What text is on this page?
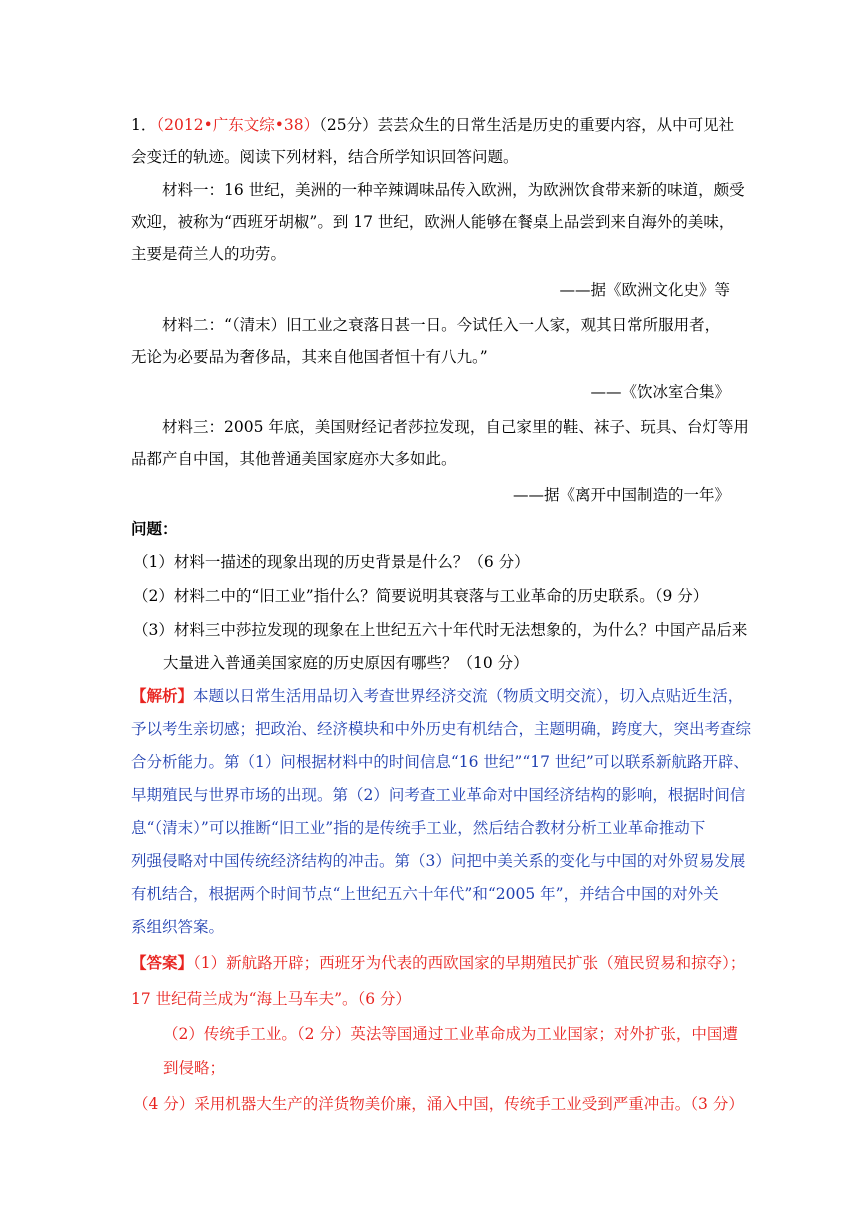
1．（2012•广东文综•38）（25分）芸芸众生的日常生活是历史的重要内容，从中可见社
会变迁的轨迹。阅读下列材料，结合所学知识回答问题。
材料一：16 世纪，美洲的一种辛辣调味品传入欧洲，为欧洲饮食带来新的味道，颇受
欢迎，被称为“西班牙胡椒”。到 17 世纪，欧洲人能够在餐桌上品尝到来自海外的美味，
主要是荷兰人的功劳。
——据《欧洲文化史》等
材料二：“（清末）旧工业之衰落日甚一日。今试任入一人家，观其日常所服用者，
无论为必要品为奢侈品，其来自他国者恒十有八九。”
——《饮冰室合集》
材料三：2005 年底，美国财经记者莎拉发现，自己家里的鞋、袜子、玩具、台灯等用
品都产自中国，其他普通美国家庭亦大多如此。
——据《离开中国制造的一年》
问题：
（1）材料一描述的现象出现的历史背景是什么？（6 分）
（2）材料二中的“旧工业”指什么？简要说明其衰落与工业革命的历史联系。（9 分）
（3）材料三中莎拉发现的现象在上世纪五六十年代时无法想象的，为什么？中国产品后来
大量进入普通美国家庭的历史原因有哪些？（10 分）
【解析】本题以日常生活用品切入考查世界经济交流（物质文明交流），切入点贴近生活，
予以考生亲切感；把政治、经济模块和中外历史有机结合，主题明确，跨度大，突出考查综
合分析能力。第（1）问根据材料中的时间信息“16 世纪”“17 世纪”可以联系新航路开辟、
早期殖民与世界市场的出现。第（2）问考查工业革命对中国经济结构的影响，根据时间信
息“（清末）”可以推断“旧工业”指的是传统手工业，然后结合教材分析工业革命推动下
列强侵略对中国传统经济结构的冲击。第（3）问把中美关系的变化与中国的对外贸易发展
有机结合，根据两个时间节点“上世纪五六十年代”和“2005 年”，并结合中国的对外关
系组织答案。
【答案】（1）新航路开辟；西班牙为代表的西欧国家的早期殖民扩张（殖民贸易和掠夺）；
17 世纪荷兰成为“海上马车夫”。（6 分）
（2）传统手工业。（2 分）英法等国通过工业革命成为工业国家；对外扩张，中国遭
到侵略；
（4 分）采用机器大生产的洋货物美价廉，涌入中国，传统手工业受到严重冲击。（3 分）
